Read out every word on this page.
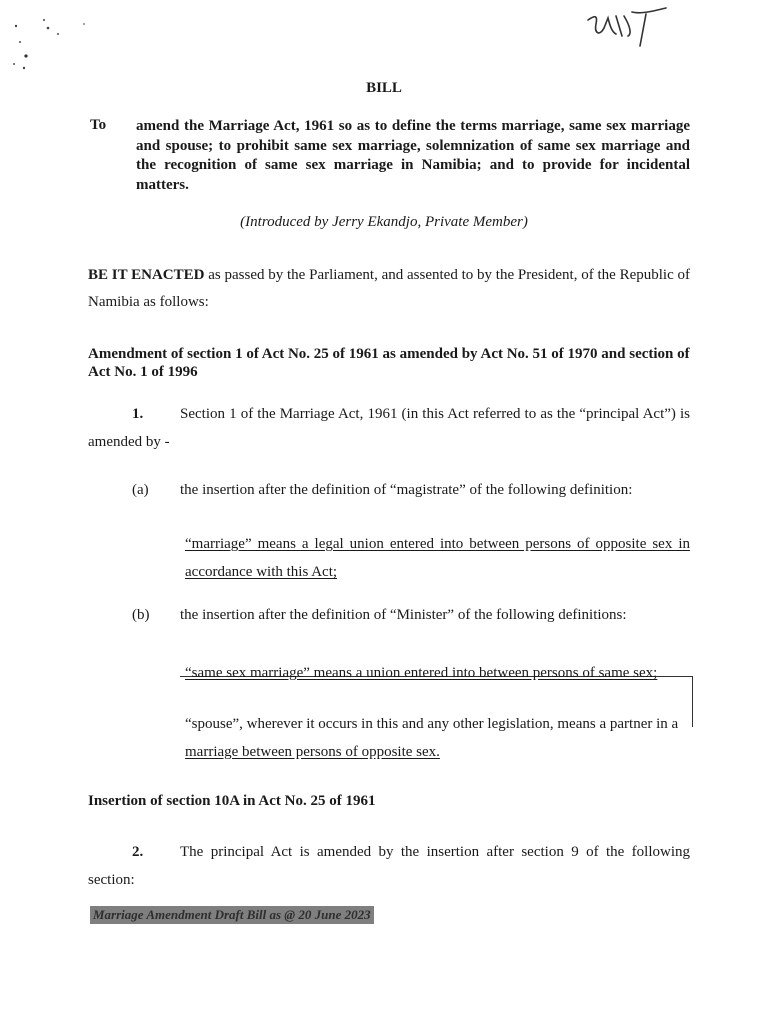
BILL
To amend the Marriage Act, 1961 so as to define the terms marriage, same sex marriage and spouse; to prohibit same sex marriage, solemnization of same sex marriage and the recognition of same sex marriage in Namibia; and to provide for incidental matters.
(Introduced by Jerry Ekandjo, Private Member)
BE IT ENACTED as passed by the Parliament, and assented to by the President, of the Republic of Namibia as follows:
Amendment of section 1 of Act No. 25 of 1961 as amended by Act No. 51 of 1970 and section of Act No. 1 of 1996
1. Section 1 of the Marriage Act, 1961 (in this Act referred to as the “principal Act”) is amended by -
(a) the insertion after the definition of “magistrate” of the following definition:
“marriage” means a legal union entered into between persons of opposite sex in accordance with this Act;
(b) the insertion after the definition of “Minister” of the following definitions:
“same sex marriage” means a union entered into between persons of same sex;
“spouse”, wherever it occurs in this and any other legislation, means a partner in a
marriage between persons of opposite sex.
Insertion of section 10A in Act No. 25 of 1961
2. The principal Act is amended by the insertion after section 9 of the following section:
Marriage Amendment Draft Bill as @ 20 June 2023
